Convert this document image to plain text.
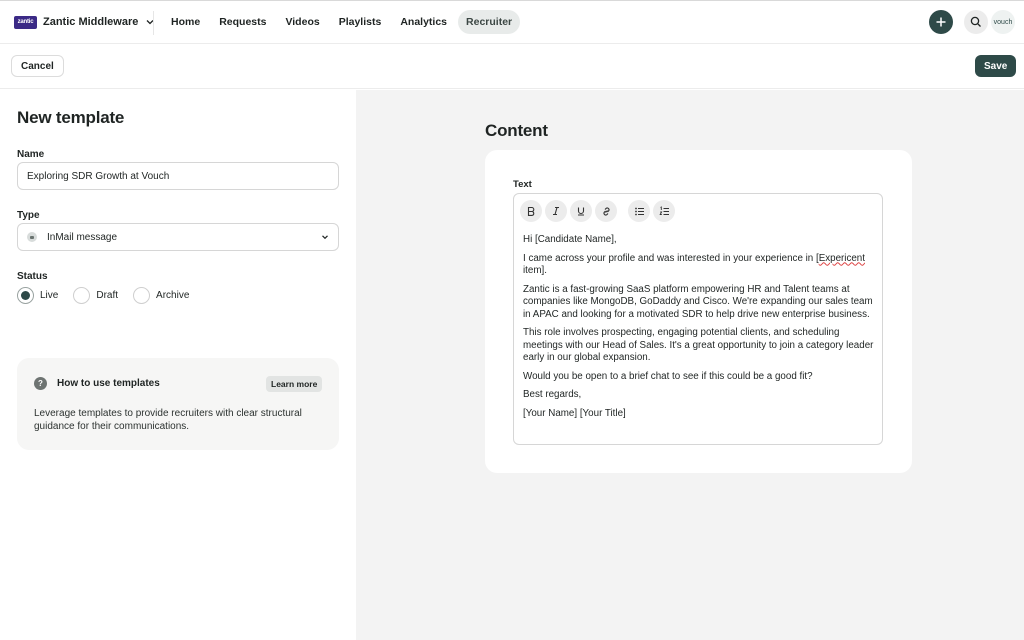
zantic Zantic Middleware	Home	Requests	Videos	Playlists	Analytics	Recruiter	vouch
Cancel	Save
New template
Name
Exploring SDR Growth at Vouch
Type
InMail message
Status
Live	Draft	Archive
?	How to use templates	Learn more
Leverage templates to provide recruiters with clear structural guidance for their communications.
Content
Text

Hi [Candidate Name],

I came across your profile and was interested in your experience in [Expericent item].

Zantic is a fast-growing SaaS platform empowering HR and Talent teams at companies like MongoDB, GoDaddy and Cisco. We're expanding our sales team in APAC and looking for a motivated SDR to help drive new enterprise business.

This role involves prospecting, engaging potential clients, and scheduling meetings with our Head of Sales. It's a great opportunity to join a category leader early in our global expansion.

Would you be open to a brief chat to see if this could be a good fit?

Best regards,

[Your Name] [Your Title]
